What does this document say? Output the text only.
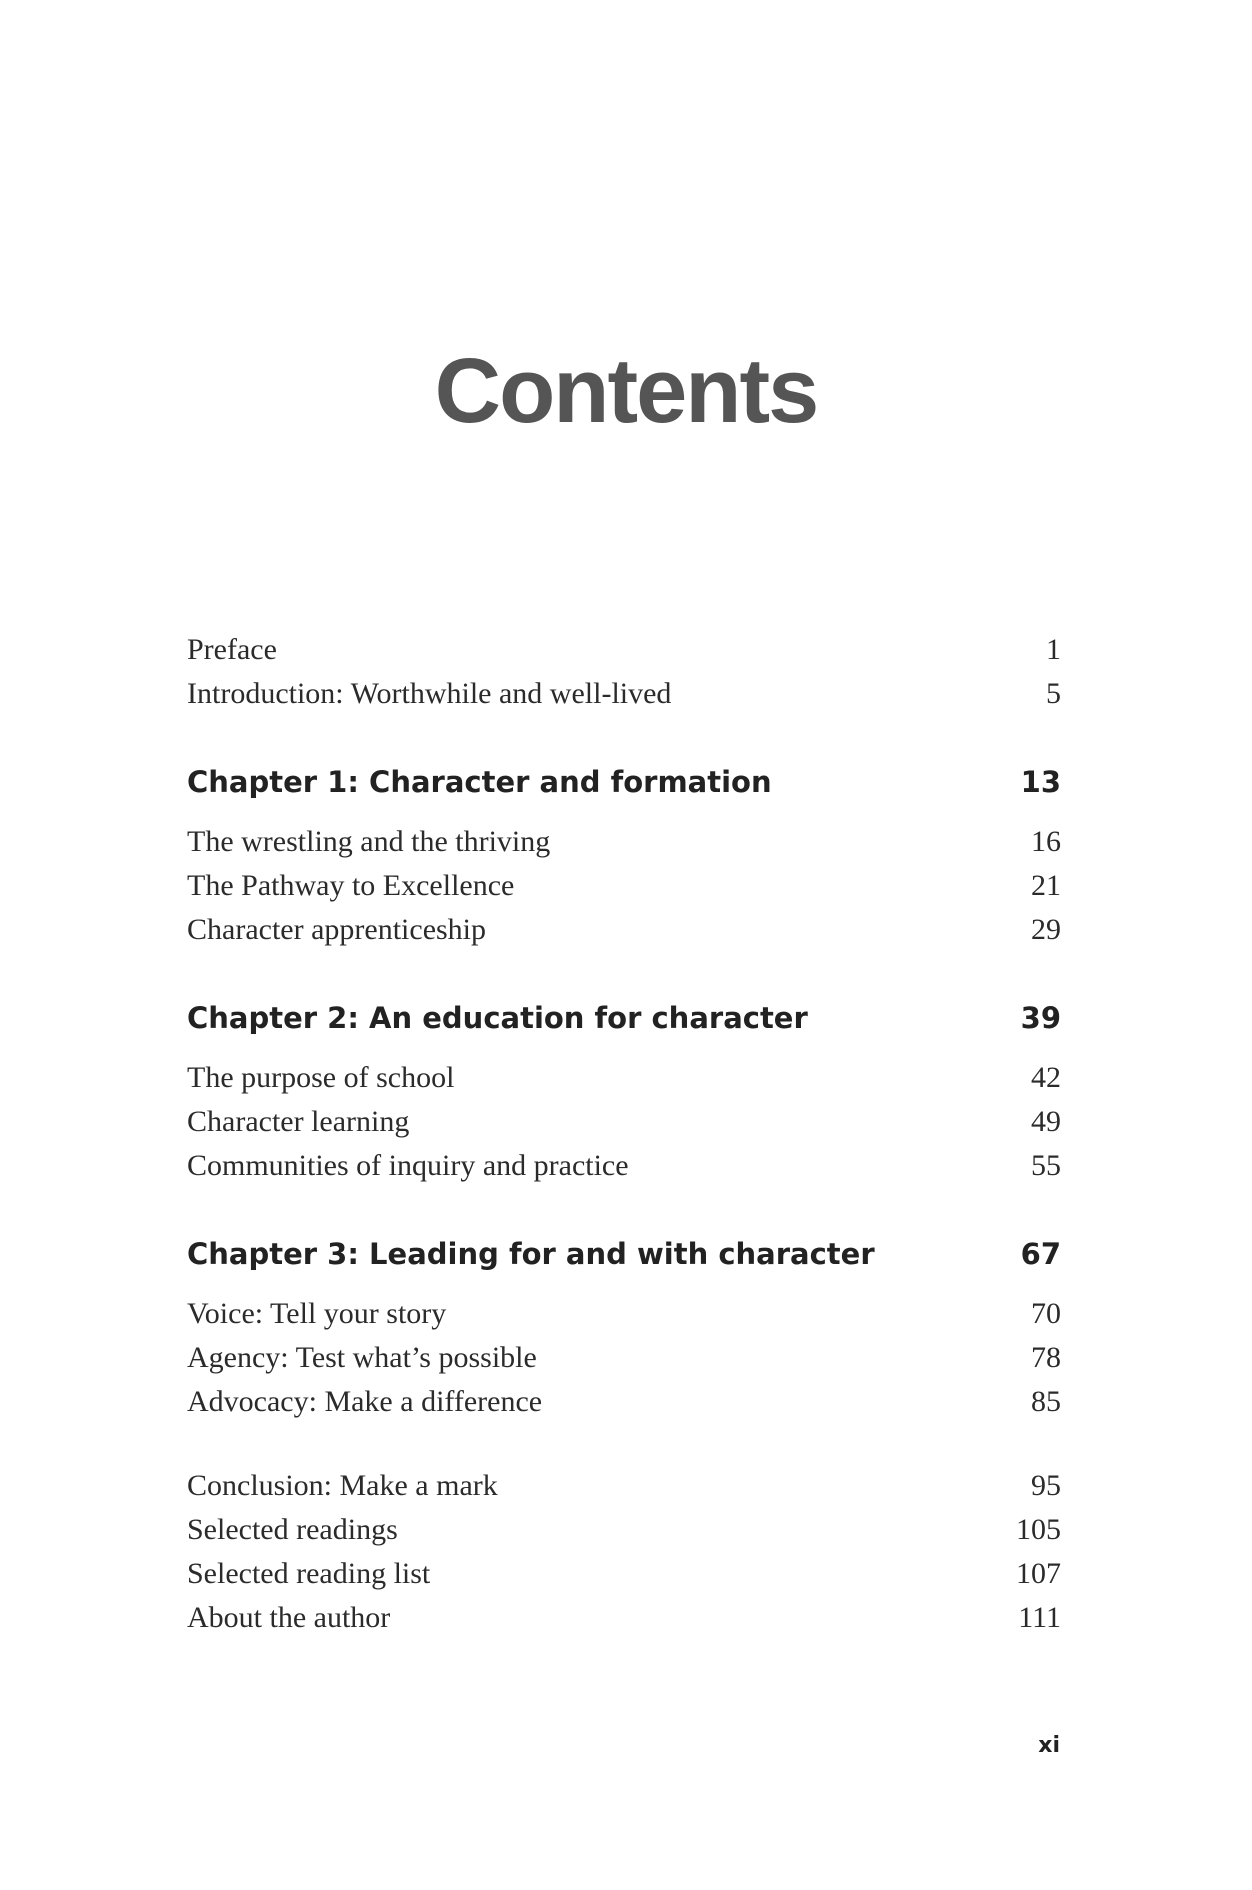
Contents
Preface	1
Introduction: Worthwhile and well-lived	5
Chapter 1: Character and formation	13
The wrestling and the thriving	16
The Pathway to Excellence	21
Character apprenticeship	29
Chapter 2: An education for character	39
The purpose of school	42
Character learning	49
Communities of inquiry and practice	55
Chapter 3: Leading for and with character	67
Voice: Tell your story	70
Agency: Test what’s possible	78
Advocacy: Make a difference	85
Conclusion: Make a mark	95
Selected readings	105
Selected reading list	107
About the author	111
xi
